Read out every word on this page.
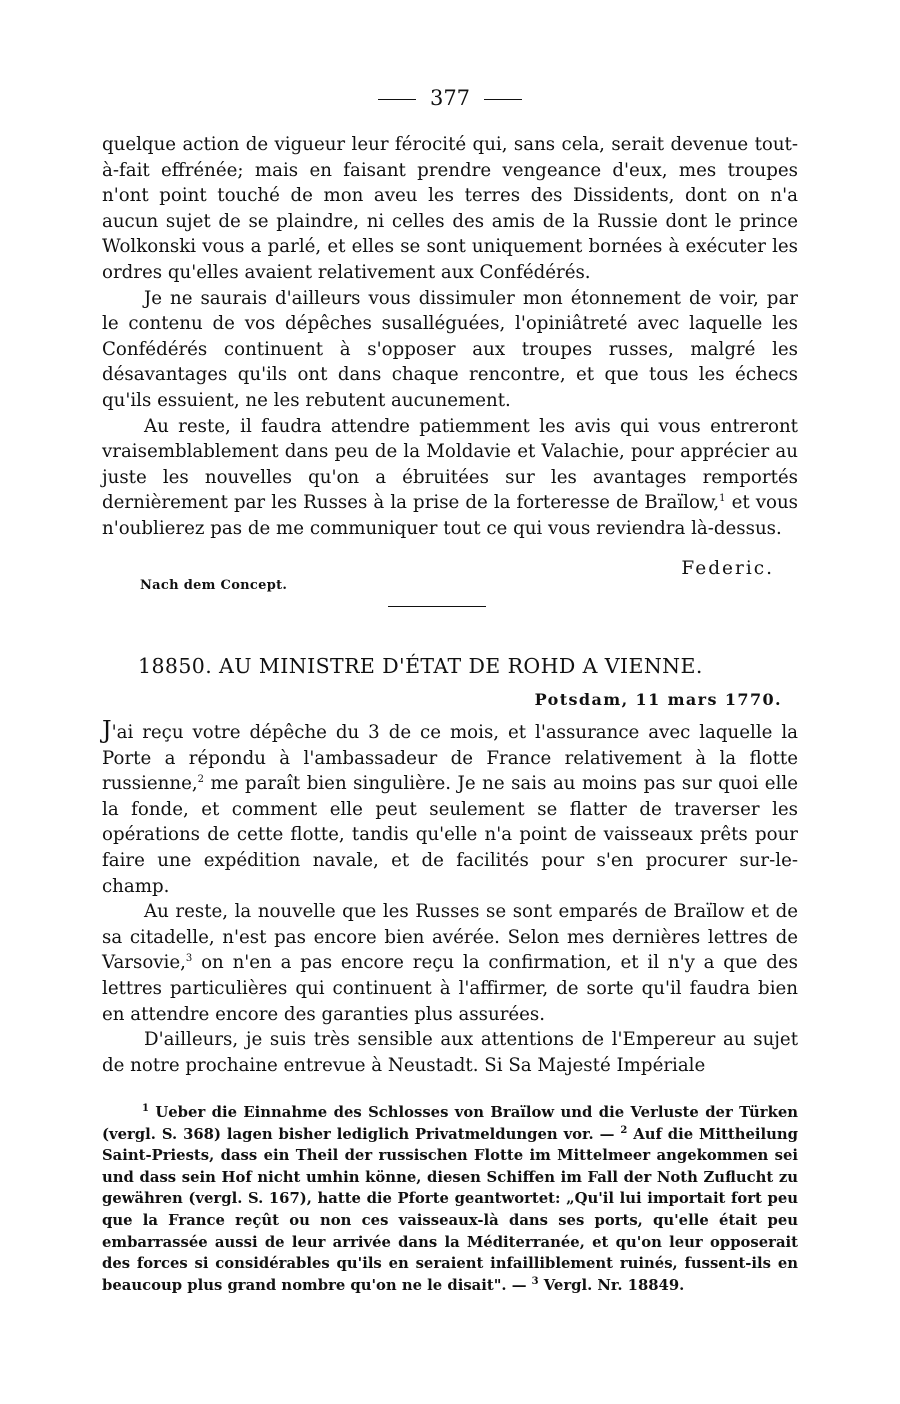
377

quelque action de vigueur leur férocité qui, sans cela, serait devenue tout-à-fait effrénée; mais en faisant prendre vengeance d'eux, mes troupes n'ont point touché de mon aveu les terres des Dissidents, dont on n'a aucun sujet de se plaindre, ni celles des amis de la Russie dont le prince Wolkonski vous a parlé, et elles se sont uniquement bornées à exécuter les ordres qu'elles avaient relativement aux Confédérés.

Je ne saurais d'ailleurs vous dissimuler mon étonnement de voir, par le contenu de vos dépêches susalléguées, l'opiniâtreté avec laquelle les Confédérés continuent à s'opposer aux troupes russes, malgré les désavantages qu'ils ont dans chaque rencontre, et que tous les échecs qu'ils essuient, ne les rebutent aucunement.

Au reste, il faudra attendre patiemment les avis qui vous entreront vraisemblablement dans peu de la Moldavie et Valachie, pour apprécier au juste les nouvelles qu'on a ébruitées sur les avantages remportés dernièrement par les Russes à la prise de la forteresse de Braïlow,$^1$ et vous n'oublierez pas de me communiquer tout ce qui vous reviendra là-dessus.

Federic.
Nach dem Concept.
18850. AU MINISTRE D'ÉTAT DE ROHD A VIENNE.
Potsdam, 11 mars 1770.

J'ai reçu votre dépêche du 3 de ce mois, et l'assurance avec laquelle la Porte a répondu à l'ambassadeur de France relativement à la flotte russienne,$^2$ me paraît bien singulière. Je ne sais au moins pas sur quoi elle la fonde, et comment elle peut seulement se flatter de traverser les opérations de cette flotte, tandis qu'elle n'a point de vaisseaux prêts pour faire une expédition navale, et de facilités pour s'en procurer sur-le-champ.

Au reste, la nouvelle que les Russes se sont emparés de Braïlow et de sa citadelle, n'est pas encore bien avérée. Selon mes dernières lettres de Varsovie,$^3$ on n'en a pas encore reçu la confirmation, et il n'y a que des lettres particulières qui continuent à l'affirmer, de sorte qu'il faudra bien en attendre encore des garanties plus assurées.

D'ailleurs, je suis très sensible aux attentions de l'Empereur au sujet de notre prochaine entrevue à Neustadt. Si Sa Majesté Impériale

$^1$ Ueber die Einnahme des Schlosses von Braïlow und die Verluste der Türken (vergl. S. 368) lagen bisher lediglich Privatmeldungen vor. — $^2$ Auf die Mittheilung Saint-Priests, dass ein Theil der russischen Flotte im Mittelmeer angekommen sei und dass sein Hof nicht umhin könne, diesen Schiffen im Fall der Noth Zuflucht zu gewähren (vergl. S. 167), hatte die Pforte geantwortet: „Qu'il lui importait fort peu que la France reçût ou non ces vaisseaux-là dans ses ports, qu'elle était peu embarrassée aussi de leur arrivée dans la Méditerranée, et qu'on leur opposerait des forces si considérables qu'ils en seraient infailliblement ruinés, fussent-ils en beaucoup plus grand nombre qu'on ne le disait". — $^3$ Vergl. Nr. 18849.
